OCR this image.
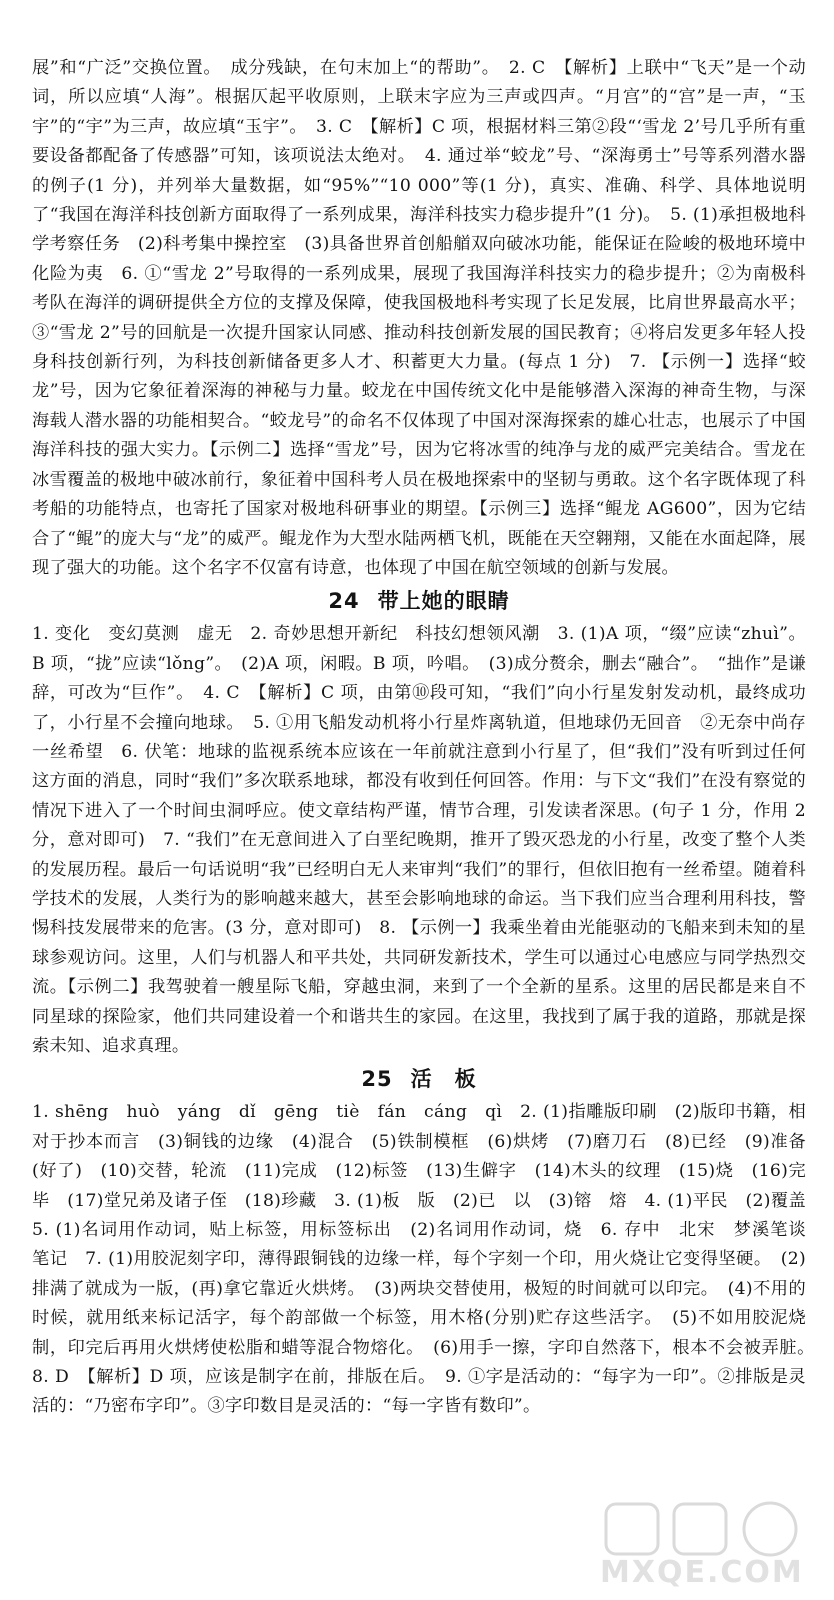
展”和“广泛”交换位置。　成分残缺，在句末加上“的帮助”。　2. C　【解析】上联中“飞天”是一个动词，所以应填“人海”。根据仄起平收原则，上联末字应为三声或四声。“月宫”的“宫”是一声，“玉宇”的“宇”为三声，故应填“玉宇”。　3. C　【解析】C 项，根据材料三第②段“‘雪龙 2’号几乎所有重要设备都配备了传感器”可知，该项说法太绝对。　4. 通过举“蛟龙”号、“深海勇士”号等系列潜水器的例子(1 分)，并列举大量数据，如“95%”“10 000”等(1 分)，真实、准确、科学、具体地说明了“我国在海洋科技创新方面取得了一系列成果，海洋科技实力稳步提升”(1 分)。　5. (1)承担极地科学考察任务　(2)科考集中操控室　(3)具备世界首创船艏双向破冰功能，能保证在险峻的极地环境中化险为夷　6. ①“雪龙 2”号取得的一系列成果，展现了我国海洋科技实力的稳步提升；②为南极科考队在海洋的调研提供全方位的支撑及保障，使我国极地科考实现了长足发展，比肩世界最高水平；③“雪龙 2”号的回航是一次提升国家认同感、推动科技创新发展的国民教育；④将启发更多年轻人投身科技创新行列，为科技创新储备更多人才、积蓄更大力量。(每点 1 分)　7. 【示例一】选择“蛟龙”号，因为它象征着深海的神秘与力量。蛟龙在中国传统文化中是能够潜入深海的神奇生物，与深海载人潜水器的功能相契合。“蛟龙号”的命名不仅体现了中国对深海探索的雄心壮志，也展示了中国海洋科技的强大实力。【示例二】选择“雪龙”号，因为它将冰雪的纯净与龙的威严完美结合。雪龙在冰雪覆盖的极地中破冰前行，象征着中国科考人员在极地探索中的坚韧与勇敢。这个名字既体现了科考船的功能特点，也寄托了国家对极地科研事业的期望。【示例三】选择“鲲龙 AG600”，因为它结合了“鲲”的庞大与“龙”的威严。鲲龙作为大型水陆两栖飞机，既能在天空翱翔，又能在水面起降，展现了强大的功能。这个名字不仅富有诗意，也体现了中国在航空领域的创新与发展。

24 带上她的眼睛

1. 变化　变幻莫测　虚无　2. 奇妙思想开新纪　科技幻想领风潮　3. (1)A 项，“缀”应读“zhuì”。B 项，“拢”应读“lǒng”。　(2)A 项，闲暇。B 项，吟唱。　(3)成分赘余，删去“融合”。　“拙作”是谦辞，可改为“巨作”。　4. C　【解析】C 项，由第⑩段可知，“我们”向小行星发射发动机，最终成功了，小行星不会撞向地球。　5. ①用飞船发动机将小行星炸离轨道，但地球仍无回音　②无奈中尚存一丝希望　6. 伏笔：地球的监视系统本应该在一年前就注意到小行星了，但“我们”没有听到过任何这方面的消息，同时“我们”多次联系地球，都没有收到任何回答。作用：与下文“我们”在没有察觉的情况下进入了一个时间虫洞呼应。使文章结构严谨，情节合理，引发读者深思。(句子 1 分，作用 2 分，意对即可)　7. “我们”在无意间进入了白垩纪晚期，推开了毁灭恐龙的小行星，改变了整个人类的发展历程。最后一句话说明“我”已经明白无人来审判“我们”的罪行，但依旧抱有一丝希望。随着科学技术的发展，人类行为的影响越来越大，甚至会影响地球的命运。当下我们应当合理利用科技，警惕科技发展带来的危害。(3 分，意对即可)　8. 【示例一】我乘坐着由光能驱动的飞船来到未知的星球参观访问。这里，人们与机器人和平共处，共同研发新技术，学生可以通过心电感应与同学热烈交流。【示例二】我驾驶着一艘星际飞船，穿越虫洞，来到了一个全新的星系。这里的居民都是来自不同星球的探险家，他们共同建设着一个和谐共生的家园。在这里，我找到了属于我的道路，那就是探索未知、追求真理。

25 活　板

1. shēng　huò　yáng　dǐ　gēng　tiè　fán　cáng　qì　2. (1)指雕版印刷　(2)版印书籍，相对于抄本而言　(3)铜钱的边缘　(4)混合　(5)铁制模框　(6)烘烤　(7)磨刀石　(8)已经　(9)准备(好了)　(10)交替，轮流　(11)完成　(12)标签　(13)生僻字　(14)木头的纹理　(15)烧　(16)完毕　(17)堂兄弟及诸子侄　(18)珍藏　3. (1)板　版　(2)已　以　(3)镕　熔　4. (1)平民　(2)覆盖　5. (1)名词用作动词，贴上标签，用标签标出　(2)名词用作动词，烧　6. 存中　北宋　梦溪笔谈　笔记　7. (1)用胶泥刻字印，薄得跟铜钱的边缘一样，每个字刻一个印，用火烧让它变得坚硬。　(2)排满了就成为一版，(再)拿它靠近火烘烤。　(3)两块交替使用，极短的时间就可以印完。　(4)不用的时候，就用纸来标记活字，每个韵部做一个标签，用木格(分别)贮存这些活字。　(5)不如用胶泥烧制，印完后再用火烘烤使松脂和蜡等混合物熔化。　(6)用手一擦，字印自然落下，根本不会被弄脏。　8. D　【解析】D 项，应该是制字在前，排版在后。　9. ①字是活动的：“每字为一印”。②排版是灵活的：“乃密布字印”。③字印数目是灵活的：“每一字皆有数印”。

MXQE.COM
